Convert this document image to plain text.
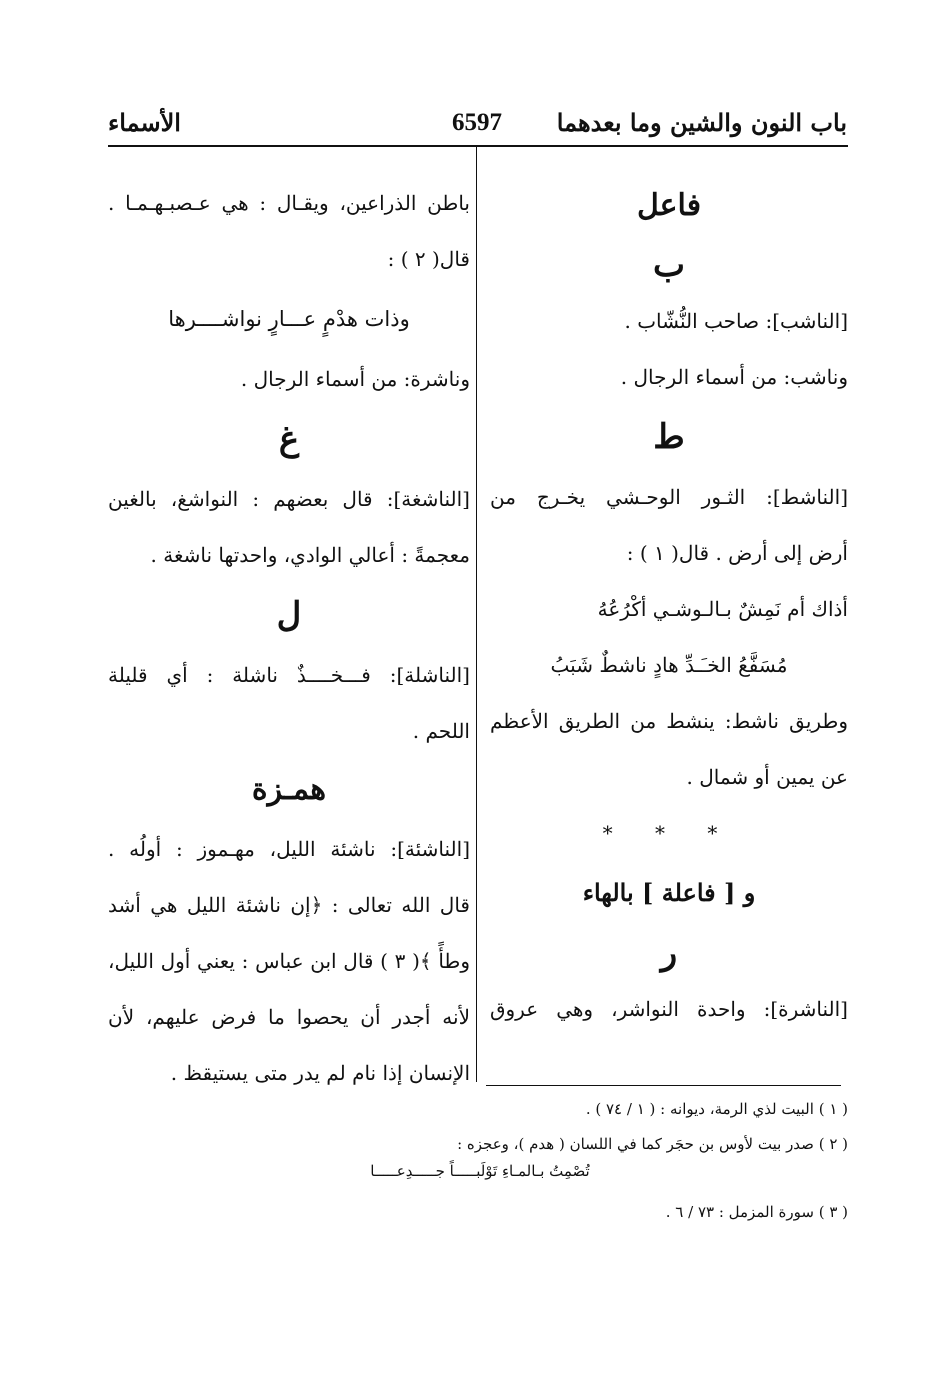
باب النون والشين وما بعدهما
6597
الأسماء
فاعل
ب
[الناشب]: صاحب النُّشّاب .
وناشب: من أسماء الرجال .
ط
[الناشط]: الثـور الوحـشي يخـرج من
أرض إلى أرض . قال( ١ ) :
أذاك أم نَمِشٌ بـالـوشـي أكْرُعُهُ
مُسَفَّعُ الخـَـدِّ هادٍ ناشطٌ شَبَبُ
وطريق ناشط: ينشط من الطريق الأعظم
عن يمين أو شمال .
* * *
و [ فاعلة ] بالهاء
ر
[الناشرة]: واحدة النواشر، وهي عروق
باطن الذراعين، ويقـال : هي عـصبـهـمـا .
قال( ٢ ) :
وذات هدْمٍ عـــارٍ نواشــــرها
وناشرة: من أسماء الرجال .
غ
[الناشغة]: قال بعضهم : النواشغ، بالغين
معجمةً : أعالي الوادي، واحدتها ناشغة .
ل
[الناشلة]: فـــخــــذٌ ناشلة : أي قليلة
اللحم .
همـزة
[الناشئة]: ناشئة الليل، مهـموز : أولُه .
قال الله تعالى : ﴿إن ناشئة الليل هي أشد
وطأً ﴾( ٣ ) قال ابن عباس : يعني أول الليل،
لأنه أجدر أن يحصوا ما فرض عليهم، لأن
الإنسان إذا نام لم يدر متى يستيقظ .
( ١ ) البيت لذي الرمة، ديوانه : ( ١ / ٧٤ ) .
( ٢ ) صدر بيت لأوس بن حجَر كما في اللسان ( هدم )، وعجزه :
تُصْمِتُ بـالمـاءِ تَوْلَبـــــاً جـــــدِعـــــا
( ٣ ) سورة المزمل : ٧٣ / ٦ .
